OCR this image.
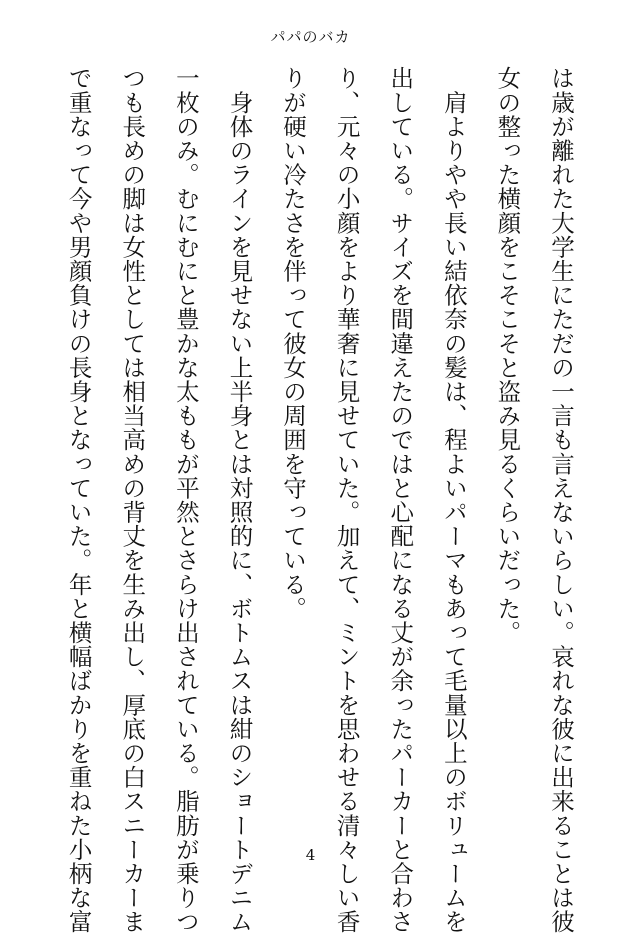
パパのバカ
は歳が離れた大学生にただの一言も言えないらしい。哀れな彼に出来ることは彼
女の整った横顔をこそこそと盗み見るくらいだった。
　肩よりやや長い結依奈の髪は、程よいパーマもあって毛量以上のボリュームを
出している。サイズを間違えたのではと心配になる丈が余ったパーカーと合わさ
り、元々の小顔をより華奢に見せていた。加えて、ミントを思わせる清々しい香
りが硬い冷たさを伴って彼女の周囲を守っている。
　身体のラインを見せない上半身とは対照的に、ボトムスは紺のショートデニム
一枚のみ。むにむにと豊かな太ももが平然とさらけ出されている。脂肪が乗りつ
つも長めの脚は女性としては相当高めの背丈を生み出し、厚底の白スニーカーま
で重なって今や男顔負けの長身となっていた。年と横幅ばかりを重ねた小柄な富	4
